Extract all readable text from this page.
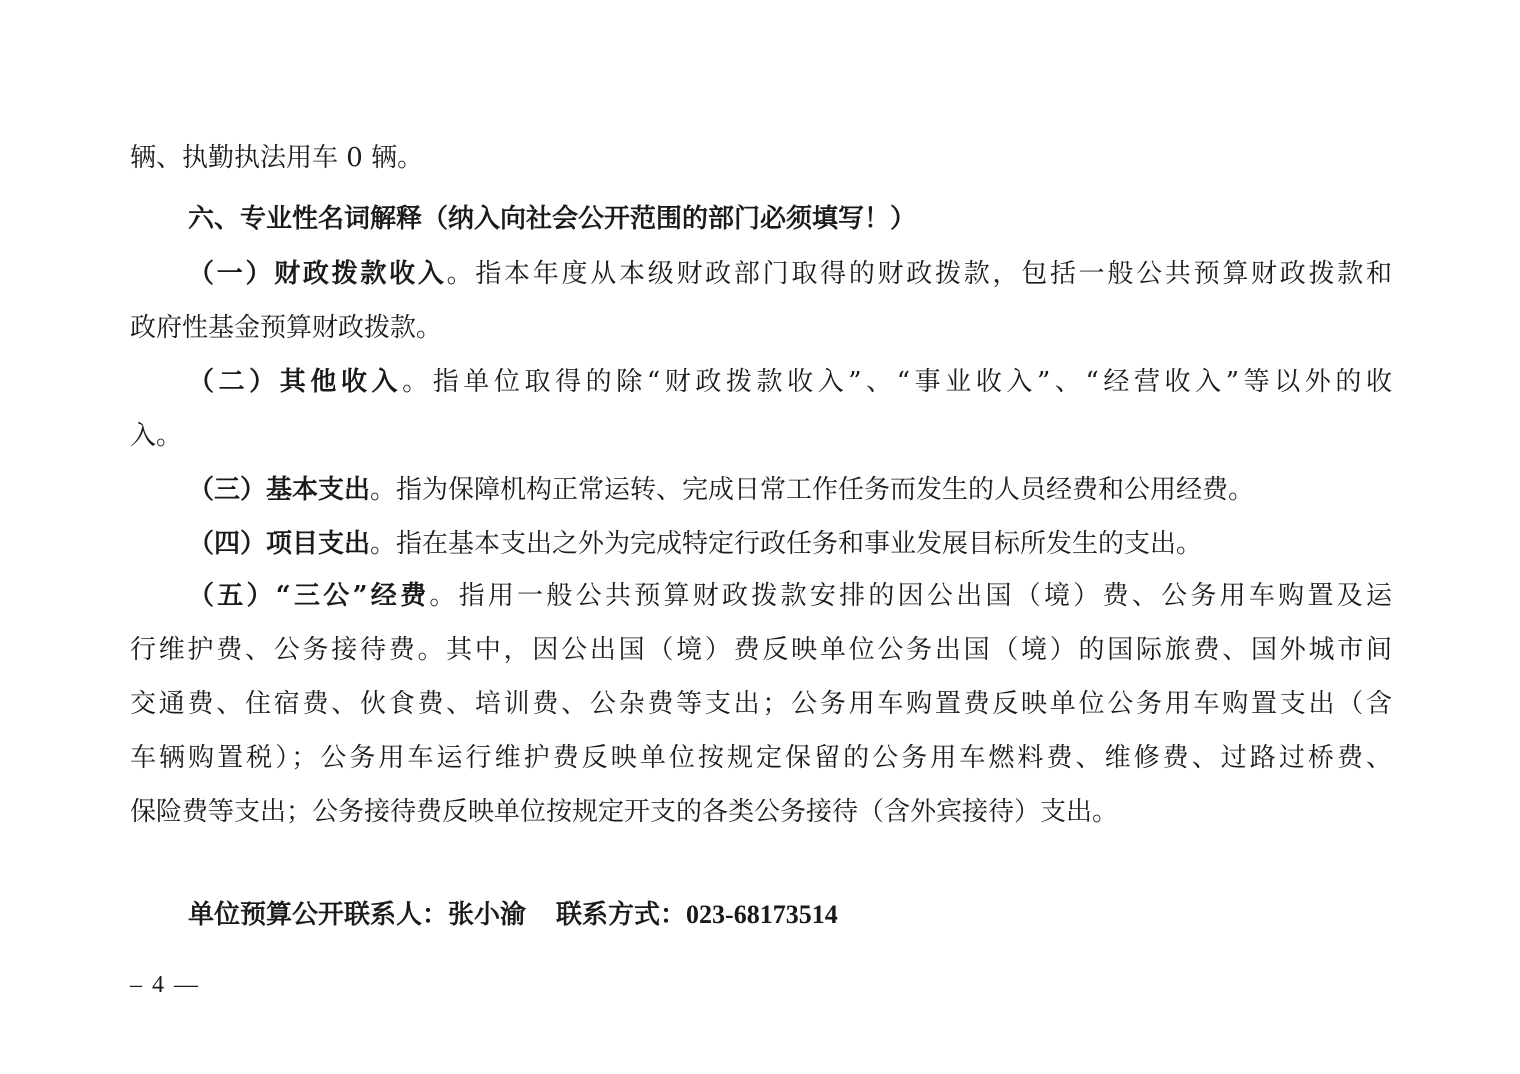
辆、执勤执法用车 0 辆。
六、专业性名词解释（纳入向社会公开范围的部门必须填写！）
（一）财政拨款收入。指本年度从本级财政部门取得的财政拨款，包括一般公共预算财政拨款和
政府性基金预算财政拨款。
（二）其他收入。指单位取得的除“财政拨款收入”、“事业收入”、“经营收入”等以外的收
入。
（三）基本支出。指为保障机构正常运转、完成日常工作任务而发生的人员经费和公用经费。
（四）项目支出。指在基本支出之外为完成特定行政任务和事业发展目标所发生的支出。
（五）“三公”经费。指用一般公共预算财政拨款安排的因公出国（境）费、公务用车购置及运
行维护费、公务接待费。其中，因公出国（境）费反映单位公务出国（境）的国际旅费、国外城市间
交通费、住宿费、伙食费、培训费、公杂费等支出；公务用车购置费反映单位公务用车购置支出（含
车辆购置税）；公务用车运行维护费反映单位按规定保留的公务用车燃料费、维修费、过路过桥费、
保险费等支出；公务接待费反映单位按规定开支的各类公务接待（含外宾接待）支出。
单位预算公开联系人：张小渝 联系方式：023-68173514
– 4 —
